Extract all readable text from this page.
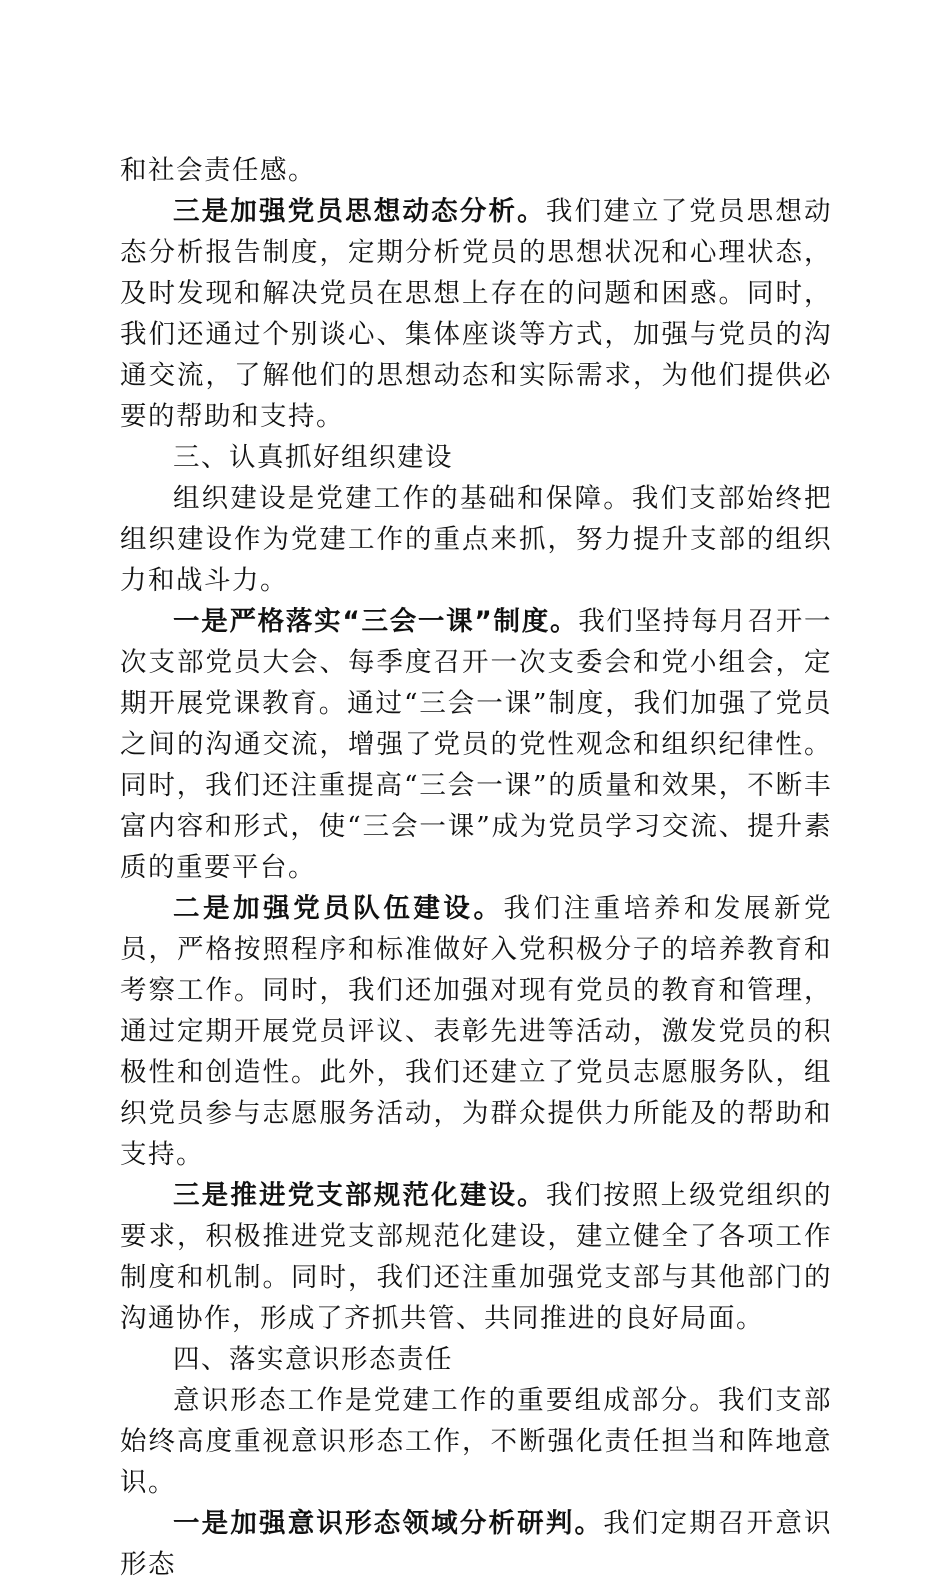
和社会责任感。

三是加强党员思想动态分析。我们建立了党员思想动态分析报告制度，定期分析党员的思想状况和心理状态，及时发现和解决党员在思想上存在的问题和困惑。同时，我们还通过个别谈心、集体座谈等方式，加强与党员的沟通交流，了解他们的思想动态和实际需求，为他们提供必要的帮助和支持。

三、认真抓好组织建设

组织建设是党建工作的基础和保障。我们支部始终把组织建设作为党建工作的重点来抓，努力提升支部的组织力和战斗力。

一是严格落实“三会一课”制度。我们坚持每月召开一次支部党员大会、每季度召开一次支委会和党小组会，定期开展党课教育。通过“三会一课”制度，我们加强了党员之间的沟通交流，增强了党员的党性观念和组织纪律性。同时，我们还注重提高“三会一课”的质量和效果，不断丰富内容和形式，使“三会一课”成为党员学习交流、提升素质的重要平台。

二是加强党员队伍建设。我们注重培养和发展新党员，严格按照程序和标准做好入党积极分子的培养教育和考察工作。同时，我们还加强对现有党员的教育和管理，通过定期开展党员评议、表彰先进等活动，激发党员的积极性和创造性。此外，我们还建立了党员志愿服务队，组织党员参与志愿服务活动，为群众提供力所能及的帮助和支持。

三是推进党支部规范化建设。我们按照上级党组织的要求，积极推进党支部规范化建设，建立健全了各项工作制度和机制。同时，我们还注重加强党支部与其他部门的沟通协作，形成了齐抓共管、共同推进的良好局面。

四、落实意识形态责任

意识形态工作是党建工作的重要组成部分。我们支部始终高度重视意识形态工作，不断强化责任担当和阵地意识。

一是加强意识形态领域分析研判。我们定期召开意识形态
